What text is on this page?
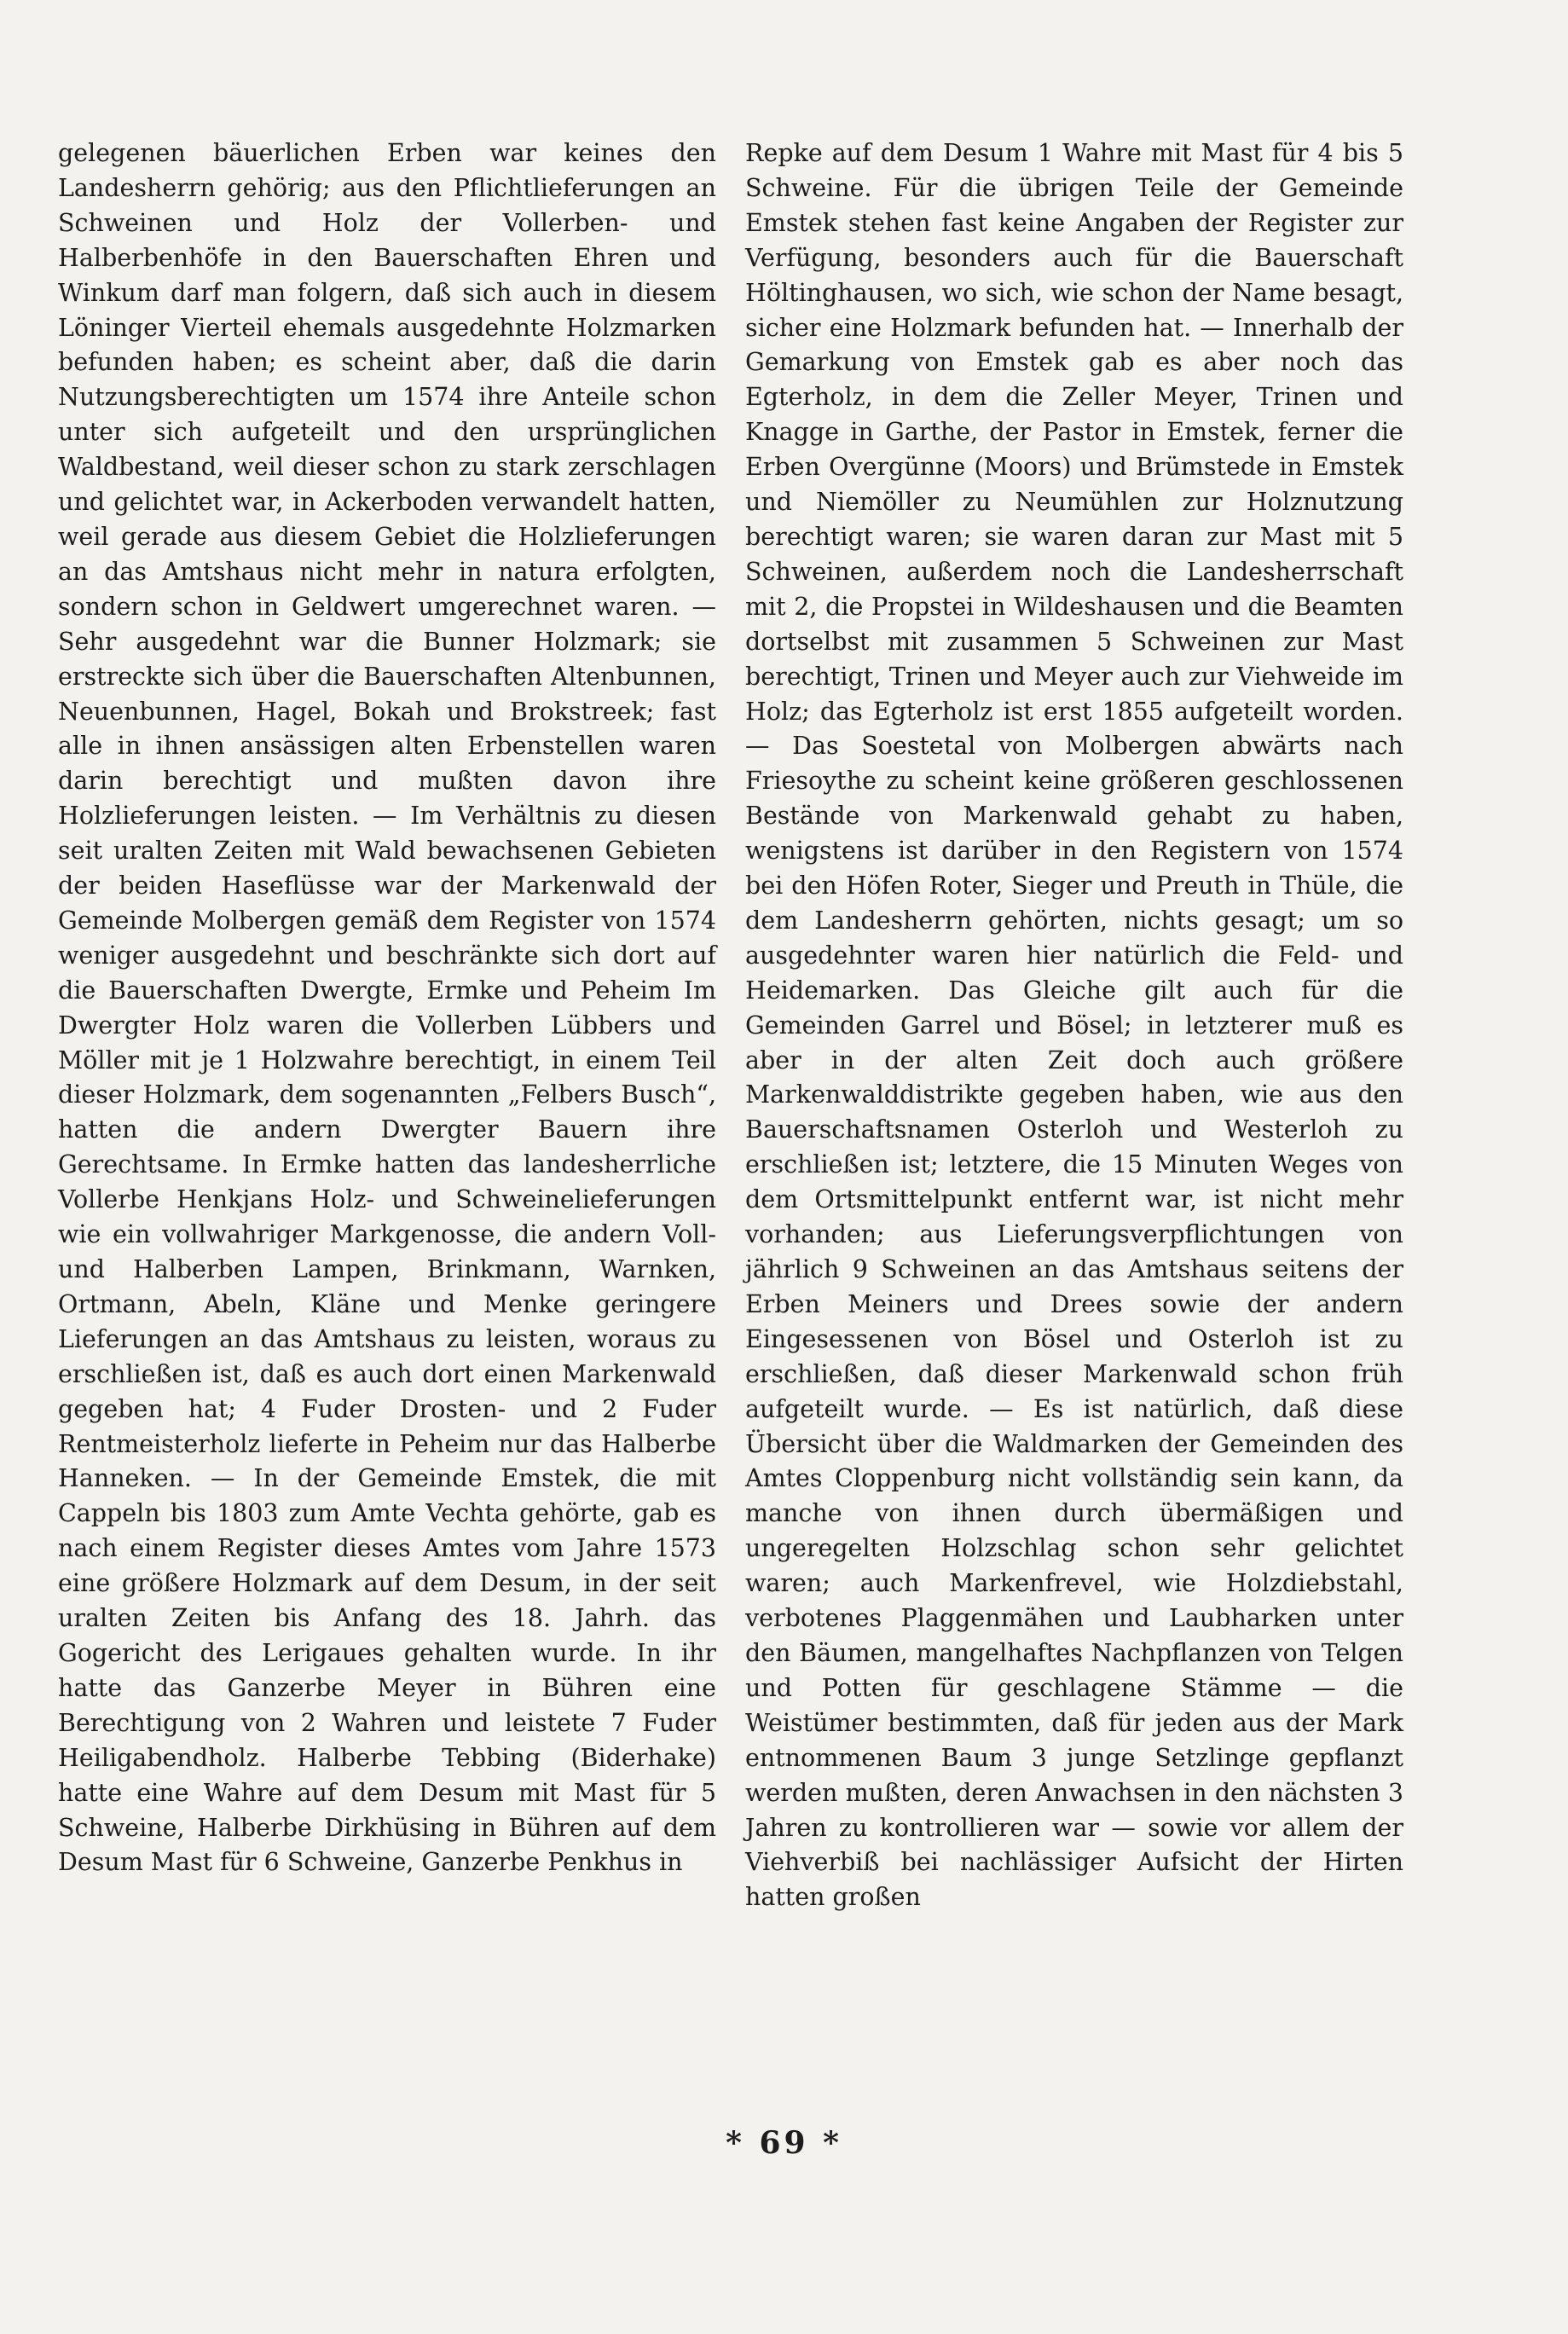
gelegenen bäuerlichen Erben war keines den Landesherrn gehörig; aus den Pflichtlieferungen an Schweinen und Holz der Vollerben- und Halberbenhöfe in den Bauerschaften Ehren und Winkum darf man folgern, daß sich auch in diesem Löninger Vierteil ehemals ausgedehnte Holzmarken befunden haben; es scheint aber, daß die darin Nutzungsberechtigten um 1574 ihre Anteile schon unter sich aufgeteilt und den ursprünglichen Waldbestand, weil dieser schon zu stark zerschlagen und gelichtet war, in Ackerboden verwandelt hatten, weil gerade aus diesem Gebiet die Holzlieferungen an das Amtshaus nicht mehr in natura erfolgten, sondern schon in Geldwert umgerechnet waren. — Sehr ausgedehnt war die Bunner Holzmark; sie erstreckte sich über die Bauerschaften Altenbunnen, Neuenbunnen, Hagel, Bokah und Brokstreek; fast alle in ihnen ansässigen alten Erbenstellen waren darin berechtigt und mußten davon ihre Holzlieferungen leisten. — Im Verhältnis zu diesen seit uralten Zeiten mit Wald bewachsenen Gebieten der beiden Haseflüsse war der Markenwald der Gemeinde Molbergen gemäß dem Register von 1574 weniger ausgedehnt und beschränkte sich dort auf die Bauerschaften Dwergte, Ermke und Peheim Im Dwergter Holz waren die Vollerben Lübbers und Möller mit je 1 Holzwahre berechtigt, in einem Teil dieser Holzmark, dem sogenannten „Felbers Busch“, hatten die andern Dwergter Bauern ihre Gerechtsame. In Ermke hatten das landesherrliche Vollerbe Henkjans Holz- und Schweinelieferungen wie ein vollwahriger Markgenosse, die andern Voll- und Halberben Lampen, Brinkmann, Warnken, Ortmann, Abeln, Kläne und Menke geringere Lieferungen an das Amtshaus zu leisten, woraus zu erschließen ist, daß es auch dort einen Markenwald gegeben hat; 4 Fuder Drosten- und 2 Fuder Rentmeisterholz lieferte in Peheim nur das Halberbe Hanneken. — In der Gemeinde Emstek, die mit Cappeln bis 1803 zum Amte Vechta gehörte, gab es nach einem Register dieses Amtes vom Jahre 1573 eine größere Holzmark auf dem Desum, in der seit uralten Zeiten bis Anfang des 18. Jahrh. das Gogericht des Lerigaues gehalten wurde. In ihr hatte das Ganzerbe Meyer in Bühren eine Berechtigung von 2 Wahren und leistete 7 Fuder Heiligabendholz. Halberbe Tebbing (Biderhake) hatte eine Wahre auf dem Desum mit Mast für 5 Schweine, Halberbe Dirkhüsing in Bühren auf dem Desum Mast für 6 Schweine, Ganzerbe Penkhus in

Repke auf dem Desum 1 Wahre mit Mast für 4 bis 5 Schweine. Für die übrigen Teile der Gemeinde Emstek stehen fast keine Angaben der Register zur Verfügung, besonders auch für die Bauerschaft Höltinghausen, wo sich, wie schon der Name besagt, sicher eine Holzmark befunden hat. — Innerhalb der Gemarkung von Emstek gab es aber noch das Egterholz, in dem die Zeller Meyer, Trinen und Knagge in Garthe, der Pastor in Emstek, ferner die Erben Overgünne (Moors) und Brümstede in Emstek und Niemöller zu Neumühlen zur Holznutzung berechtigt waren; sie waren daran zur Mast mit 5 Schweinen, außerdem noch die Landesherrschaft mit 2, die Propstei in Wildeshausen und die Beamten dortselbst mit zusammen 5 Schweinen zur Mast berechtigt, Trinen und Meyer auch zur Viehweide im Holz; das Egterholz ist erst 1855 aufgeteilt worden. — Das Soestetal von Molbergen abwärts nach Friesoythe zu scheint keine größeren geschlossenen Bestände von Markenwald gehabt zu haben, wenigstens ist darüber in den Registern von 1574 bei den Höfen Roter, Sieger und Preuth in Thüle, die dem Landesherrn gehörten, nichts gesagt; um so ausgedehnter waren hier natürlich die Feld- und Heidemarken. Das Gleiche gilt auch für die Gemeinden Garrel und Bösel; in letzterer muß es aber in der alten Zeit doch auch größere Markenwalddistrikte gegeben haben, wie aus den Bauerschaftsnamen Osterloh und Westerloh zu erschließen ist; letztere, die 15 Minuten Weges von dem Ortsmittelpunkt entfernt war, ist nicht mehr vorhanden; aus Lieferungsverpflichtungen von jährlich 9 Schweinen an das Amtshaus seitens der Erben Meiners und Drees sowie der andern Eingesessenen von Bösel und Osterloh ist zu erschließen, daß dieser Markenwald schon früh aufgeteilt wurde. — Es ist natürlich, daß diese Übersicht über die Waldmarken der Gemeinden des Amtes Cloppenburg nicht vollständig sein kann, da manche von ihnen durch übermäßigen und ungeregelten Holzschlag schon sehr gelichtet waren; auch Markenfrevel, wie Holzdiebstahl, verbotenes Plaggenmähen und Laubharken unter den Bäumen, mangelhaftes Nachpflanzen von Telgen und Potten für geschlagene Stämme — die Weistümer bestimmten, daß für jeden aus der Mark entnommenen Baum 3 junge Setzlinge gepflanzt werden mußten, deren Anwachsen in den nächsten 3 Jahren zu kontrollieren war — sowie vor allem der Viehverbiß bei nachlässiger Aufsicht der Hirten hatten großen

* 69 *
